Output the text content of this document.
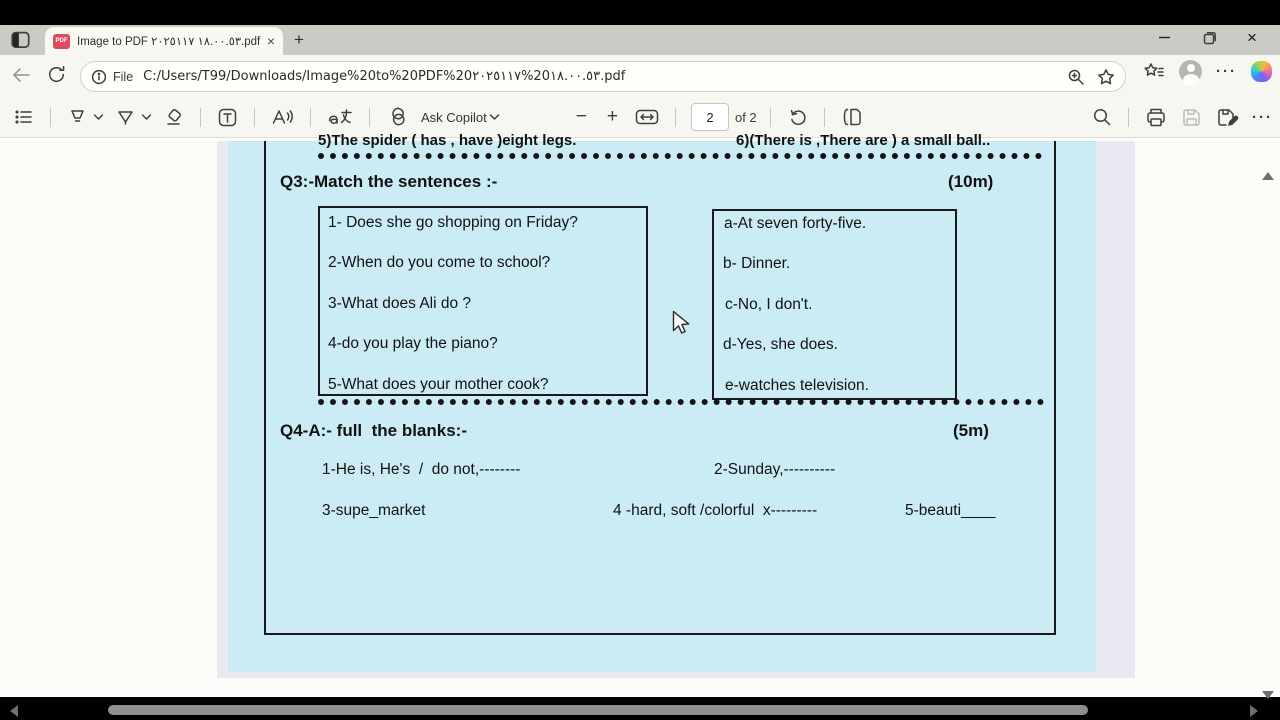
PDF Image to PDF ١٨.٠٠.٥٣ ٢٠٢٥١١٧.pdf × +	×
File C:/Users/T99/Downloads/Image%20to%20PDF%20٢٠٢٥١١٧%20١٨.٠٠.٥٣.pdf	···
Ask Copilot	− +	2	of 2	···
5)The spider ( has , have )eight legs.	6)(There is ,There are ) a small ball..
Q3:-Match the sentences :-	(10m)
1- Does she go shopping on Friday?
2-When do you come to school?
3-What does Ali do ?
4-do you play the piano?
5-What does your mother cook?
a-At seven forty-five.
b- Dinner.
c-No, I don't.
d-Yes, she does.
e-watches television.
Q4-A:- full  the blanks:-	(5m)
1-He is, He's  /  do not,--------	2-Sunday,----------
3-supe_market	4 -hard, soft /colorful  x---------	5-beauti____
